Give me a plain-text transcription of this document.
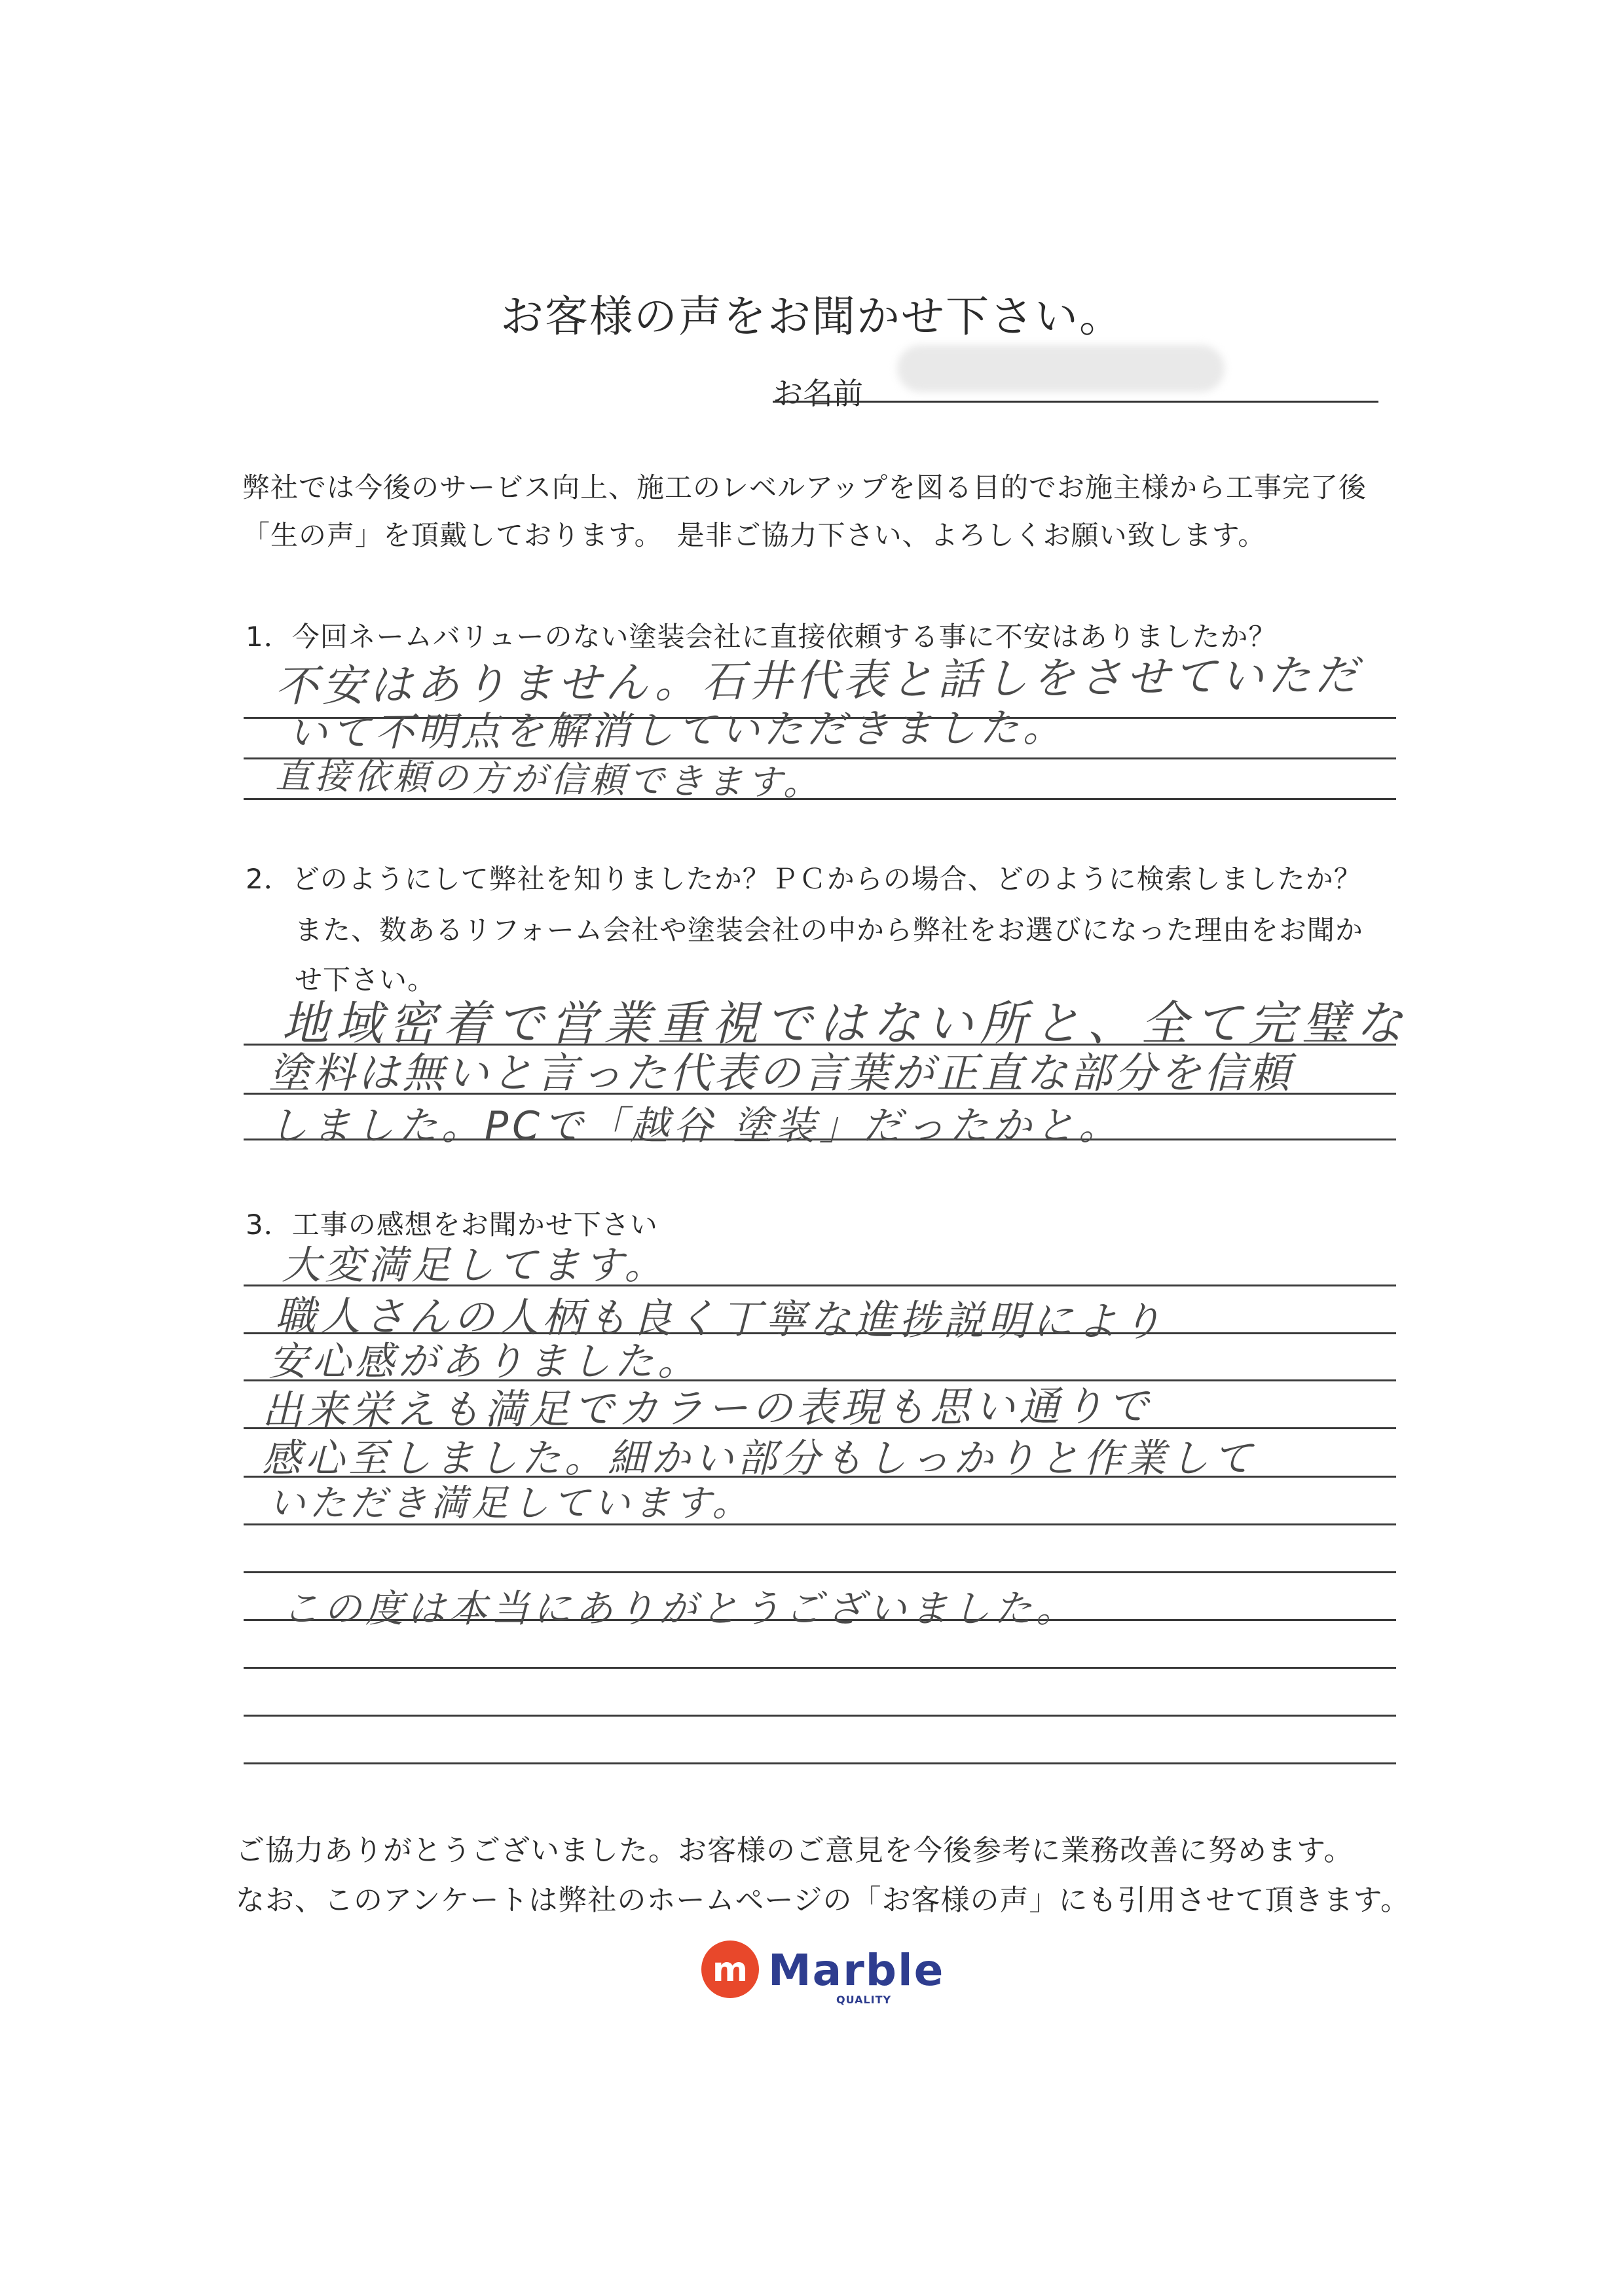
お客様の声をお聞かせ下さい。
お名前
弊社では今後のサービス向上、施工のレベルアップを図る目的でお施主様から工事完了後
「生の声」を頂戴しております。　是非ご協力下さい、よろしくお願い致します。
1．今回ネームバリューのない塗装会社に直接依頼する事に不安はありましたか？
不安はありません。石井代表と話しをさせていただ
いて不明点を解消していただきました。
直接依頼の方が信頼できます。
2．どのようにして弊社を知りましたか？ＰＣからの場合、どのように検索しましたか？
また、数あるリフォーム会社や塗装会社の中から弊社をお選びになった理由をお聞か
せ下さい。
地域密着で営業重視ではない所と、全て完璧な
塗料は無いと言った代表の言葉が正直な部分を信頼
しました。PCで「越谷 塗装」だったかと。
3．工事の感想をお聞かせ下さい
大変満足してます。
職人さんの人柄も良く丁寧な進捗説明により
安心感がありました。
出来栄えも満足でカラーの表現も思い通りで
感心至しました。細かい部分もしっかりと作業して
いただき満足しています。
この度は本当にありがとうございました。
ご協力ありがとうございました。お客様のご意見を今後参考に業務改善に努めます。
なお、このアンケートは弊社のホームページの「お客様の声」にも引用させて頂きます。
m Marble
QUALITY
